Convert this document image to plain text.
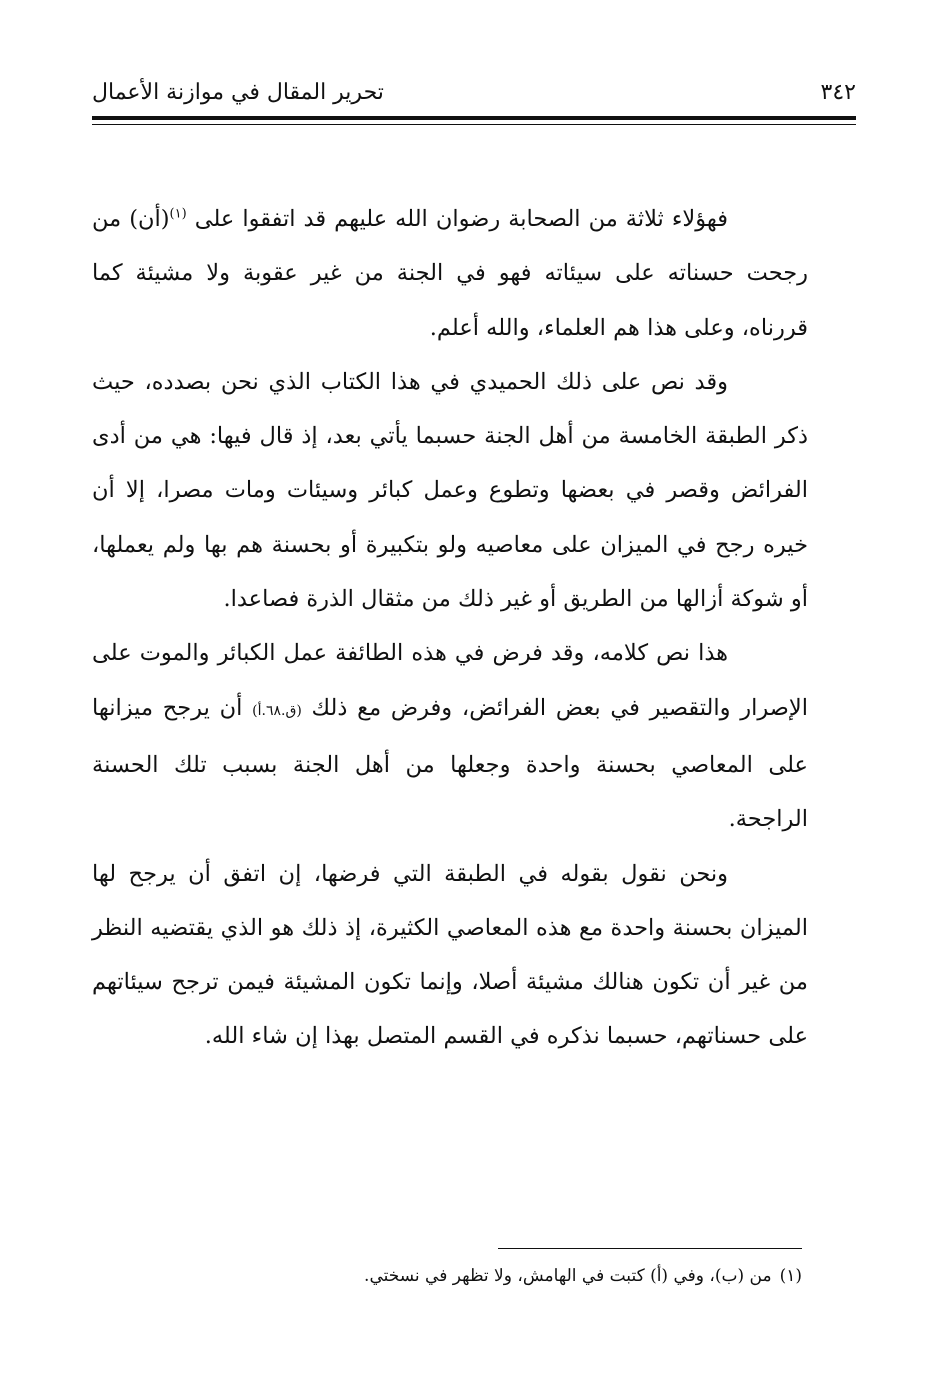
تحرير المقال في موازنة الأعمال	٣٤٢

فهؤلاء ثلاثة من الصحابة رضوان الله عليهم قد اتفقوا على $^{(١)}$(أن) من رجحت حسناته على سيئاته فهو في الجنة من غير عقوبة ولا مشيئة كما قررناه، وعلى هذا هم العلماء، والله أعلم.

وقد نص على ذلك الحميدي في هذا الكتاب الذي نحن بصدده، حيث ذكر الطبقة الخامسة من أهل الجنة حسبما يأتي بعد، إذ قال فيها: هي من أدى الفرائض وقصر في بعضها وتطوع وعمل كبائر وسيئات ومات مصرا، إلا أن خيره رجح في الميزان على معاصيه ولو بتكبيرة أو بحسنة هم بها ولم يعملها، أو شوكة أزالها من الطريق أو غير ذلك من مثقال الذرة فصاعدا.

هذا نص كلامه، وقد فرض في هذه الطائفة عمل الكبائر والموت على الإصرار والتقصير في بعض الفرائض، وفرض مع ذلك (ق.٦٨.أ) أن يرجح ميزانها على المعاصي بحسنة واحدة وجعلها من أهل الجنة بسبب تلك الحسنة الراجحة.

ونحن نقول بقوله في الطبقة التي فرضها، إن اتفق أن يرجح لها الميزان بحسنة واحدة مع هذه المعاصي الكثيرة، إذ ذلك هو الذي يقتضيه النظر من غير أن تكون هنالك مشيئة أصلا، وإنما تكون المشيئة فيمن ترجح سيئاتهم على حسناتهم، حسبما نذكره في القسم المتصل بهذا إن شاء الله.

(١)من (ب)، وفي (أ) كتبت في الهامش، ولا تظهر في نسختي.
